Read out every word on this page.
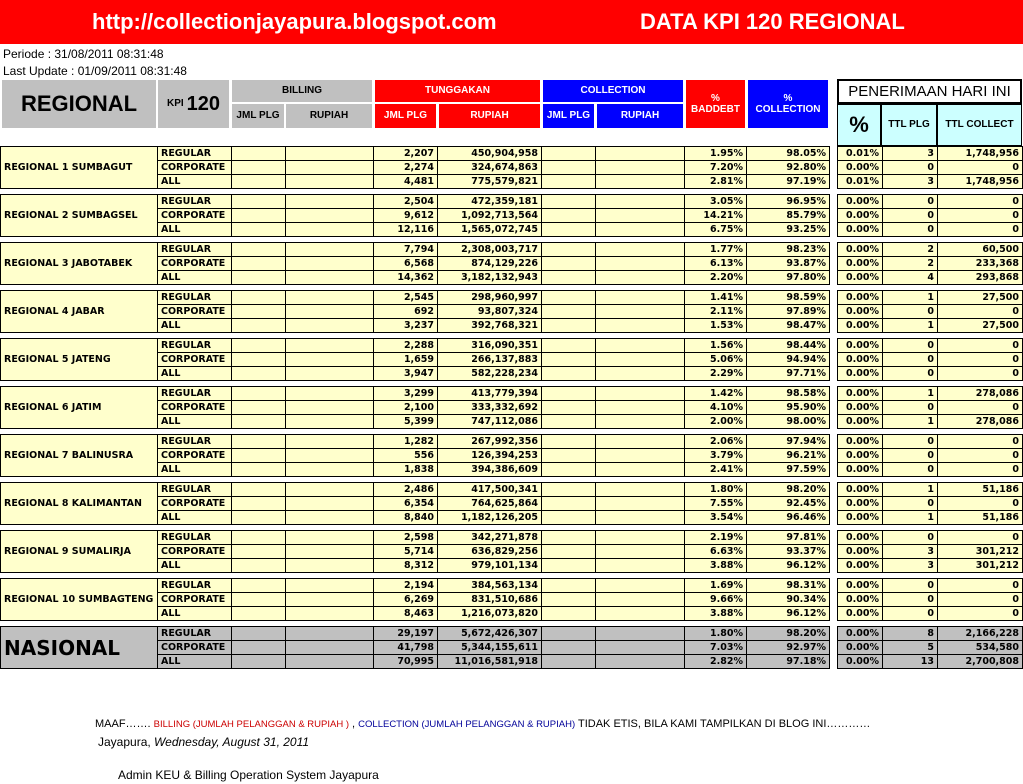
http://collectionjayapura.blogspot.com	DATA KPI 120 REGIONAL
Periode : 31/08/2011 08:31:48
Last Update : 01/09/2011 08:31:48
REGIONAL	KPI 120
BILLING
JML PLG	RUPIAH
TUNGGAKAN
JML PLG	RUPIAH
COLLECTION
JML PLG	RUPIAH
%
BADDEBT
%
COLLECTION
PENERIMAAN HARI INI
%	TTL PLG	TTL COLLECT
REGIONAL 1 SUMBAGUT	REGULAR			2,207	450,904,958			1.95%	98.05%		0.01%	3	1,748,956
	CORPORATE			2,274	324,674,863			7.20%	92.80%		0.00%	0	0
	ALL			4,481	775,579,821			2.81%	97.19%		0.01%	3	1,748,956

REGIONAL 2 SUMBAGSEL	REGULAR			2,504	472,359,181			3.05%	96.95%		0.00%	0	0
	CORPORATE			9,612	1,092,713,564			14.21%	85.79%		0.00%	0	0
	ALL			12,116	1,565,072,745			6.75%	93.25%		0.00%	0	0

REGIONAL 3 JABOTABEK	REGULAR			7,794	2,308,003,717			1.77%	98.23%		0.00%	2	60,500
	CORPORATE			6,568	874,129,226			6.13%	93.87%		0.00%	2	233,368
	ALL			14,362	3,182,132,943			2.20%	97.80%		0.00%	4	293,868

REGIONAL 4 JABAR	REGULAR			2,545	298,960,997			1.41%	98.59%		0.00%	1	27,500
	CORPORATE			692	93,807,324			2.11%	97.89%		0.00%	0	0
	ALL			3,237	392,768,321			1.53%	98.47%		0.00%	1	27,500

REGIONAL 5 JATENG	REGULAR			2,288	316,090,351			1.56%	98.44%		0.00%	0	0
	CORPORATE			1,659	266,137,883			5.06%	94.94%		0.00%	0	0
	ALL			3,947	582,228,234			2.29%	97.71%		0.00%	0	0

REGIONAL 6 JATIM	REGULAR			3,299	413,779,394			1.42%	98.58%		0.00%	1	278,086
	CORPORATE			2,100	333,332,692			4.10%	95.90%		0.00%	0	0
	ALL			5,399	747,112,086			2.00%	98.00%		0.00%	1	278,086

REGIONAL 7 BALINUSRA	REGULAR			1,282	267,992,356			2.06%	97.94%		0.00%	0	0
	CORPORATE			556	126,394,253			3.79%	96.21%		0.00%	0	0
	ALL			1,838	394,386,609			2.41%	97.59%		0.00%	0	0

REGIONAL 8 KALIMANTAN	REGULAR			2,486	417,500,341			1.80%	98.20%		0.00%	1	51,186
	CORPORATE			6,354	764,625,864			7.55%	92.45%		0.00%	0	0
	ALL			8,840	1,182,126,205			3.54%	96.46%		0.00%	1	51,186

REGIONAL 9 SUMALIRJA	REGULAR			2,598	342,271,878			2.19%	97.81%		0.00%	0	0
	CORPORATE			5,714	636,829,256			6.63%	93.37%		0.00%	3	301,212
	ALL			8,312	979,101,134			3.88%	96.12%		0.00%	3	301,212

REGIONAL 10 SUMBAGTENG	REGULAR			2,194	384,563,134			1.69%	98.31%		0.00%	0	0
	CORPORATE			6,269	831,510,686			9.66%	90.34%		0.00%	0	0
	ALL			8,463	1,216,073,820			3.88%	96.12%		0.00%	0	0

NASIONAL	REGULAR			29,197	5,672,426,307			1.80%	98.20%		0.00%	8	2,166,228
	CORPORATE			41,798	5,344,155,611			7.03%	92.97%		0.00%	5	534,580
	ALL			70,995	11,016,581,918			2.82%	97.18%		0.00%	13	2,700,808

MAAF……. BILLING (JUMLAH PELANGGAN & RUPIAH ) , COLLECTION (JUMLAH PELANGGAN & RUPIAH) TIDAK ETIS, BILA KAMI TAMPILKAN DI BLOG INI…………
Jayapura, Wednesday, August 31, 2011
Admin KEU & Billing Operation System Jayapura
